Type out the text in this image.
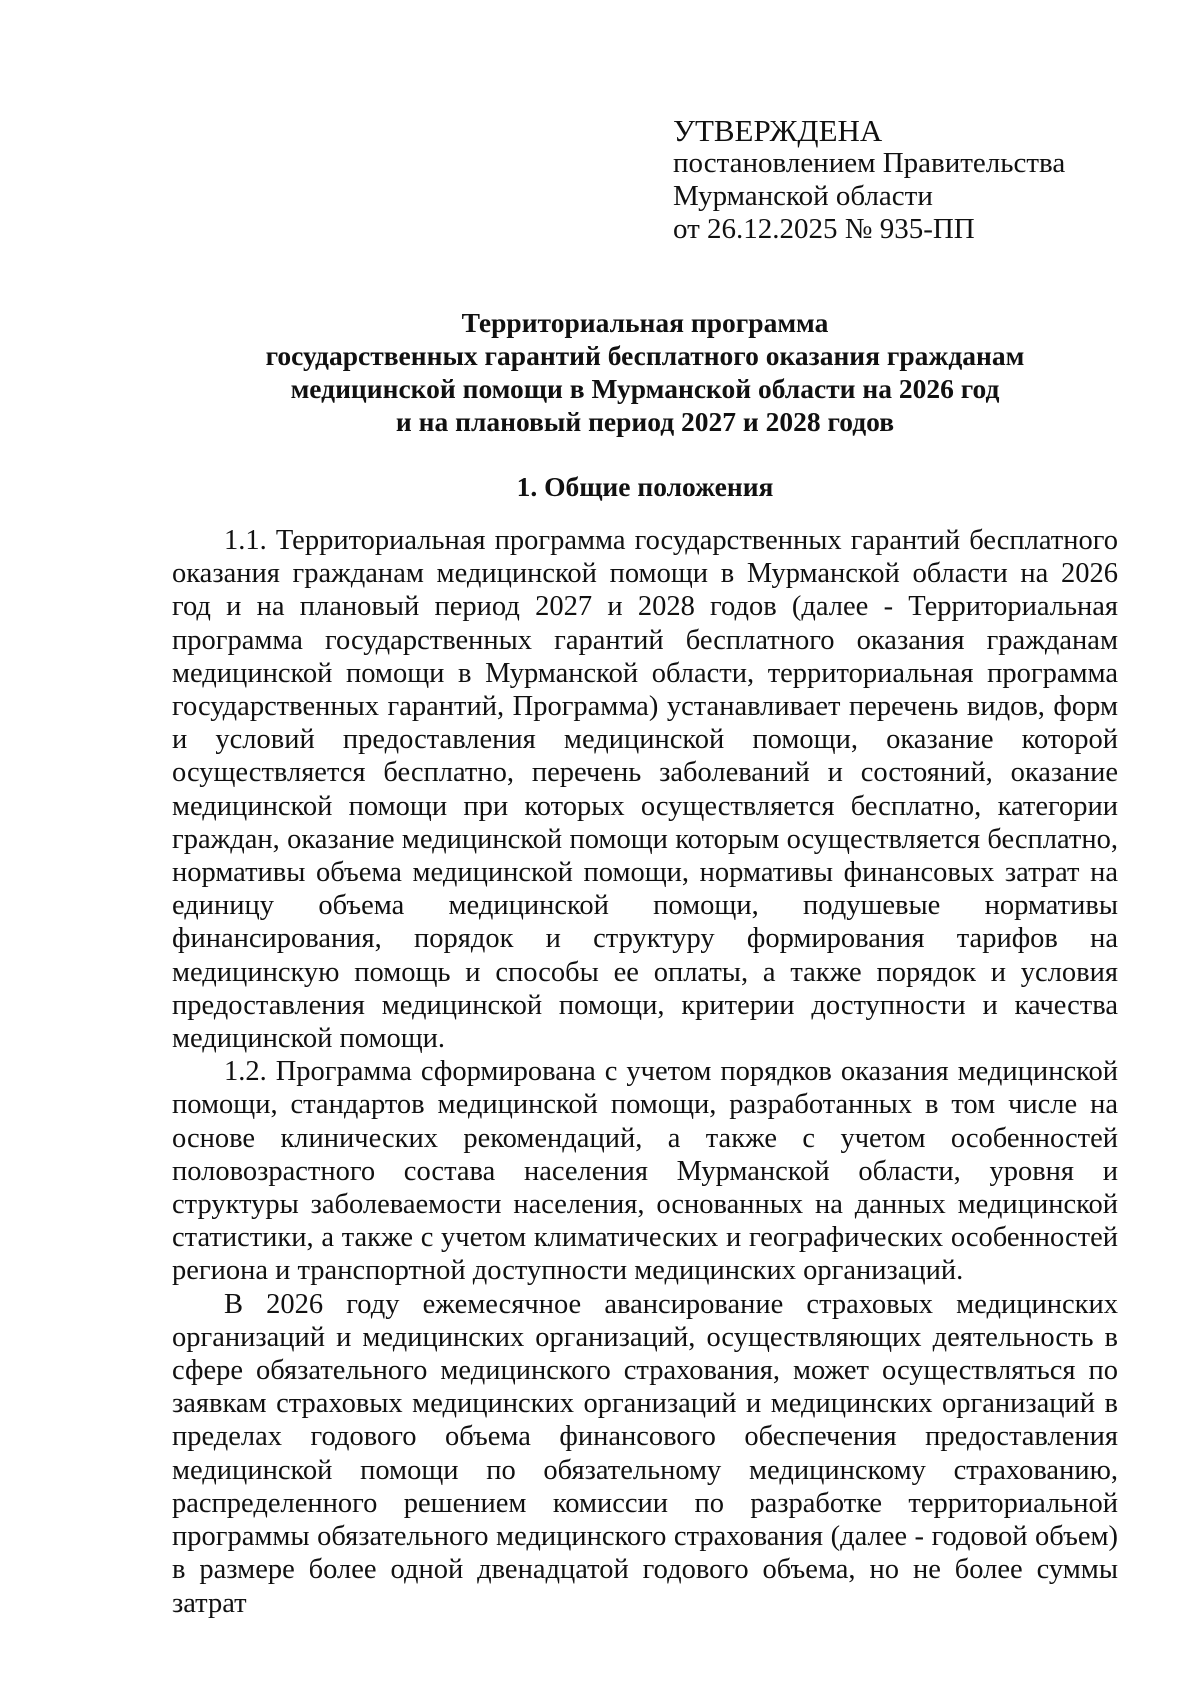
УТВЕРЖДЕНА
постановлением Правительства
Мурманской области
от 26.12.2025 № 935-ПП
Территориальная программа
государственных гарантий бесплатного оказания гражданам
медицинской помощи в Мурманской области на 2026 год
и на плановый период 2027 и 2028 годов
1. Общие положения

1.1. Территориальная программа государственных гарантий бесплатного оказания гражданам медицинской помощи в Мурманской области на 2026 год и на плановый период 2027 и 2028 годов (далее - Территориальная программа государственных гарантий бесплатного оказания гражданам медицинской помощи в Мурманской области, территориальная программа государственных гарантий, Программа) устанавливает перечень видов, форм и условий предоставления медицинской помощи, оказание которой осуществляется бесплатно, перечень заболеваний и состояний, оказание медицинской помощи при которых осуществляется бесплатно, категории граждан, оказание медицинской помощи которым осуществляется бесплатно, нормативы объема медицинской помощи, нормативы финансовых затрат на единицу объема медицинской помощи, подушевые нормативы финансирования, порядок и структуру формирования тарифов на медицинскую помощь и способы ее оплаты, а также порядок и условия предоставления медицинской помощи, критерии доступности и качества медицинской помощи.

1.2. Программа сформирована с учетом порядков оказания медицинской помощи, стандартов медицинской помощи, разработанных в том числе на основе клинических рекомендаций, а также с учетом особенностей половозрастного состава населения Мурманской области, уровня и структуры заболеваемости населения, основанных на данных медицинской статистики, а также с учетом климатических и географических особенностей региона и транспортной доступности медицинских организаций.

В 2026 году ежемесячное авансирование страховых медицинских организаций и медицинских организаций, осуществляющих деятельность в сфере обязательного медицинского страхования, может осуществляться по заявкам страховых медицинских организаций и медицинских организаций в пределах годового объема финансового обеспечения предоставления медицинской помощи по обязательному медицинскому страхованию, распределенного решением комиссии по разработке территориальной программы обязательного медицинского страхования (далее - годовой объем) в размере более одной двенадцатой годового объема, но не более суммы затрат
